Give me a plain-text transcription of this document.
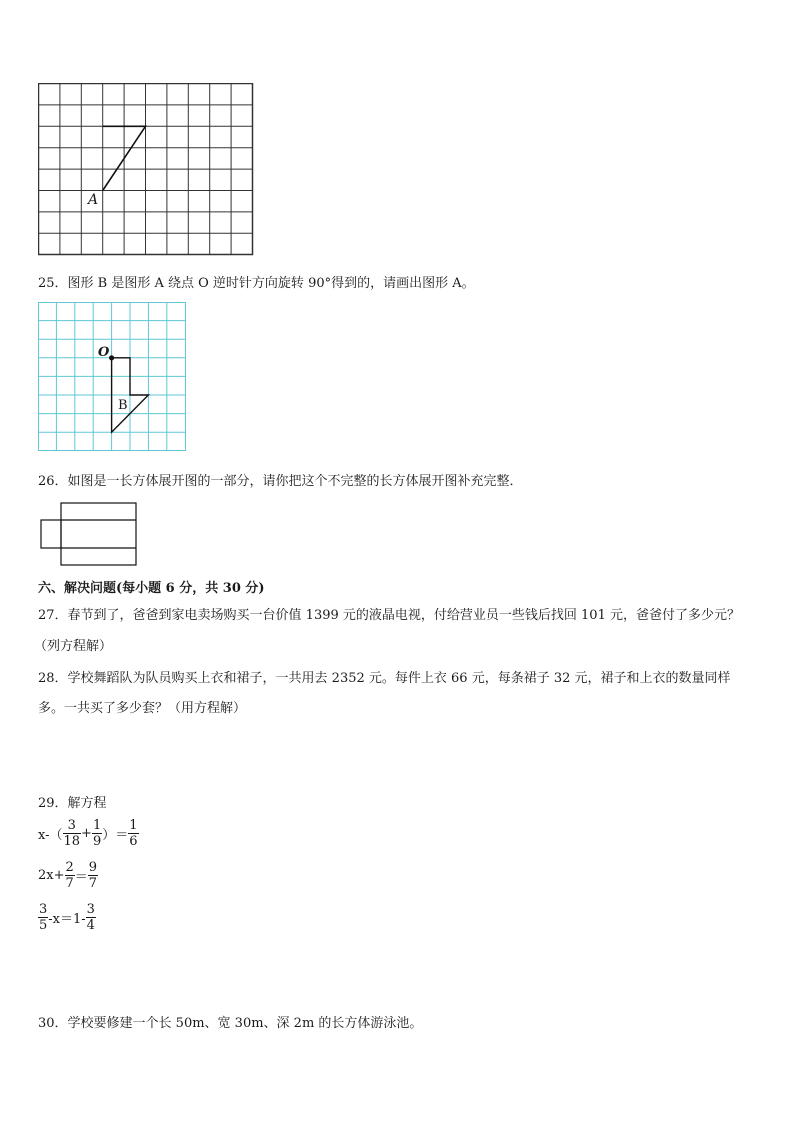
A
25．图形 B 是图形 A 绕点 O 逆时针方向旋转 90°得到的，请画出图形 A。
O
B
26．如图是一长方体展开图的一部分，请你把这个不完整的长方体展开图补充完整．
六、解决问题(每小题 6 分，共 30 分)
27．春节到了，爸爸到家电卖场购买一台价值 1399 元的液晶电视，付给营业员一些钱后找回 101 元，爸爸付了多少元？
（列方程解）
28．学校舞蹈队为队员购买上衣和裙子，一共用去 2352 元。每件上衣 66 元，每条裙子 32 元，裙子和上衣的数量同样
多。一共买了多少套？（用方程解）
29．解方程
$x-( \frac{3}{18} + \frac{1}{9}$ ）＝ $\frac{1}{6}$
$2x+ \frac{2}{7} = \frac{9}{7}$
$\frac{3}{5} -x=1- \frac{3}{4}$
30．学校要修建一个长 50m、宽 30m、深 2m 的长方体游泳池。
